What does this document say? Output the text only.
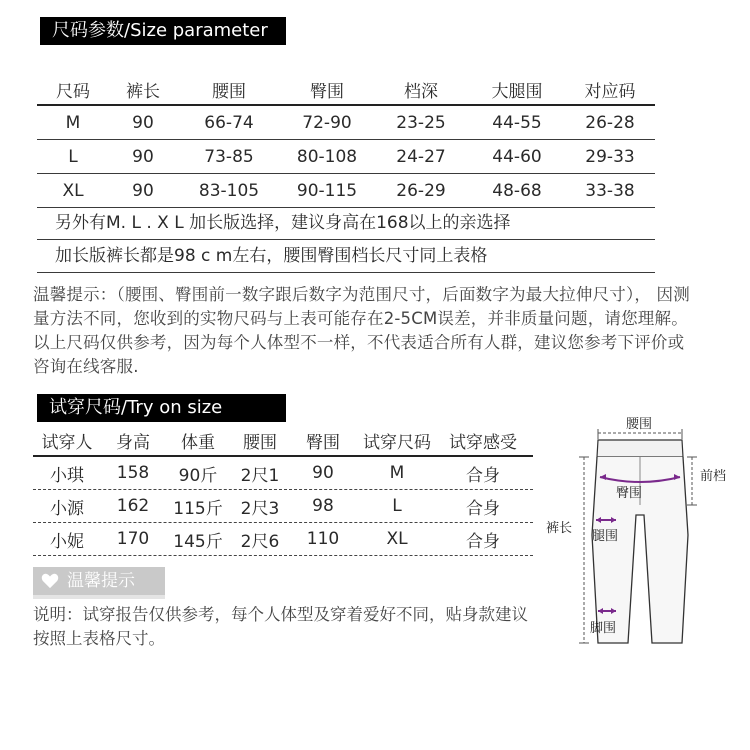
尺码参数/Size parameter
尺码	裤长	腰围	臀围	档深	大腿围	对应码
M	90	66-74	72-90	23-25	44-55	26-28
L	90	73-85	80-108	24-27	44-60	29-33
XL	90	83-105	90-115	26-29	48-68	33-38
另外有M. L . X L 加长版选择，建议身高在168以上的亲选择
加长版裤长都是98 c m左右，腰围臀围档长尺寸同上表格
温馨提示：（腰围、臀围前一数字跟后数字为范围尺寸，后面数字为最大拉伸尺寸）， 因测量方法不同，您收到的实物尺码与上表可能存在2-5CM误差，并非质量问题，请您理解。以上尺码仅供参考，因为每个人体型不一样，不代表适合所有人群，建议您参考下评价或咨询在线客服.
试穿尺码/Try on size
试穿人	身高	体重	腰围	臀围	试穿尺码	试穿感受
小琪	158	90斤	2尺1	90	M	合身
小源	162	115斤	2尺3	98	L	合身
小妮	170	145斤	2尺6	110	XL	合身
温馨提示
说明：试穿报告仅供参考，每个人体型及穿着爱好不同，贴身款建议按照上表格尺寸。
腰围
前档
臀围
裤长
腿围
脚围
